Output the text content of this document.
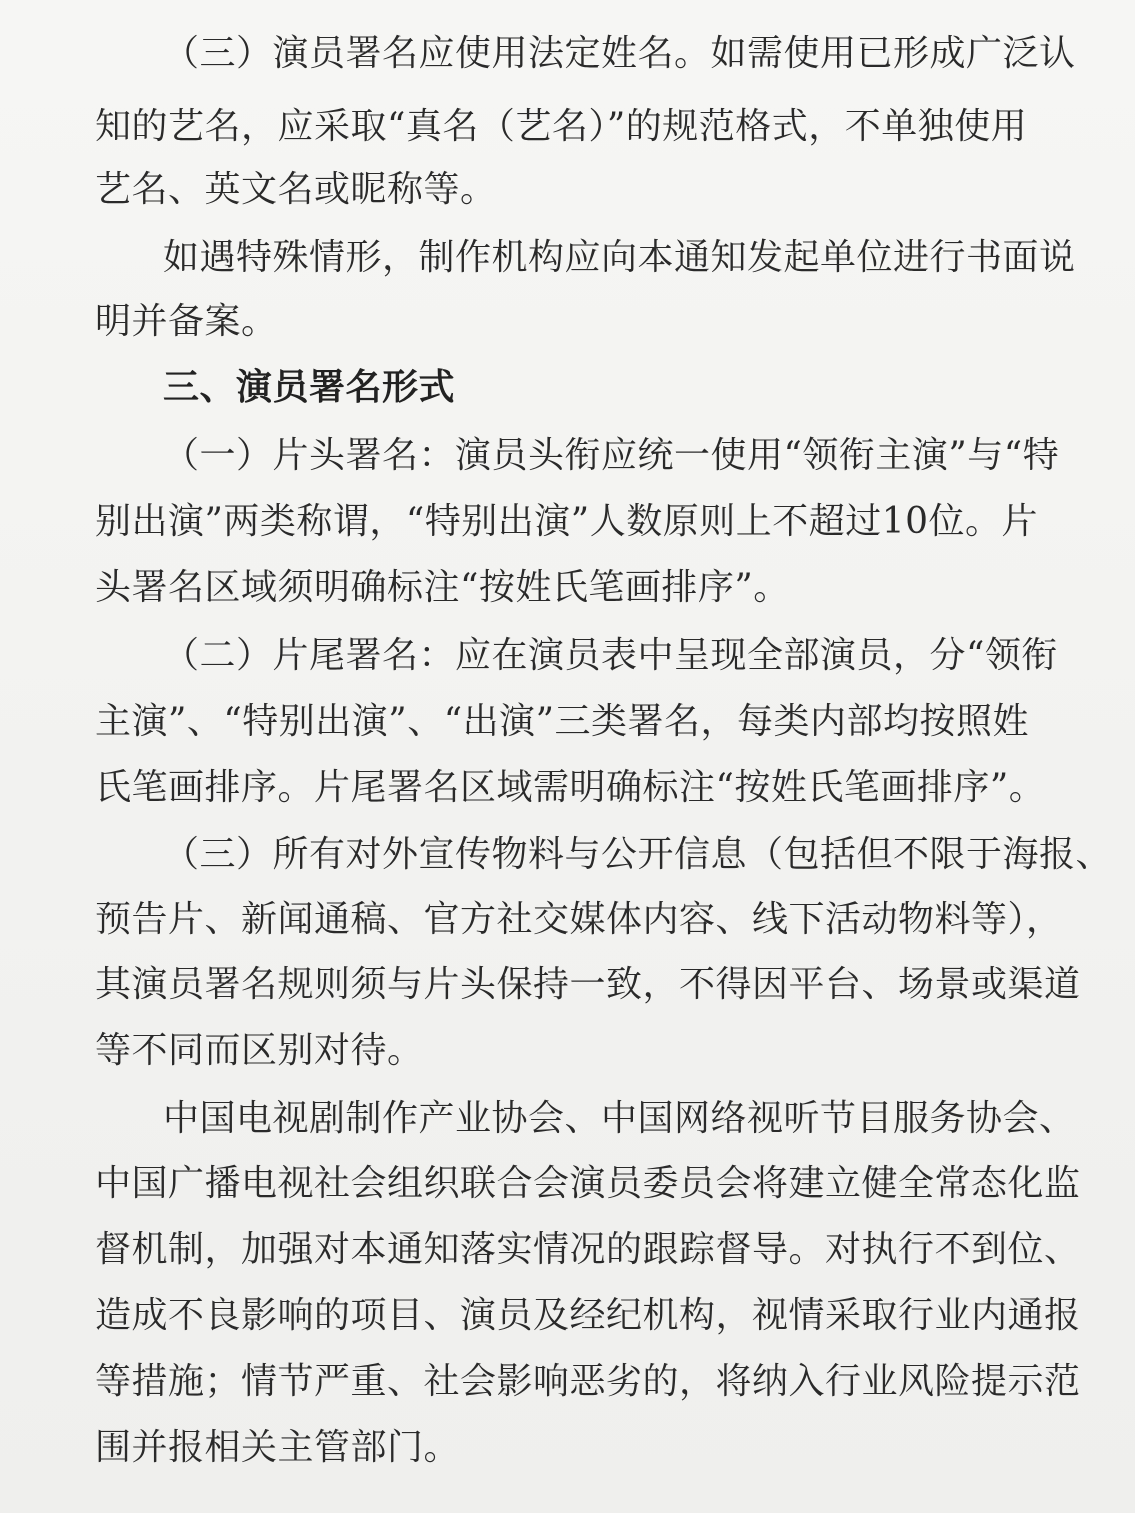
（三）演员署名应使用法定姓名。如需使用已形成广泛认
知的艺名，应采取“真名（艺名）”的规范格式，不单独使用
艺名、英文名或昵称等。
如遇特殊情形，制作机构应向本通知发起单位进行书面说
明并备案。
三、演员署名形式
（一）片头署名：演员头衔应统一使用“领衔主演”与“特
别出演”两类称谓，“特别出演”人数原则上不超过10位。片
头署名区域须明确标注“按姓氏笔画排序”。
（二）片尾署名：应在演员表中呈现全部演员，分“领衔
主演”、“特别出演”、“出演”三类署名，每类内部均按照姓
氏笔画排序。片尾署名区域需明确标注“按姓氏笔画排序”。
（三）所有对外宣传物料与公开信息（包括但不限于海报、
预告片、新闻通稿、官方社交媒体内容、线下活动物料等），
其演员署名规则须与片头保持一致，不得因平台、场景或渠道
等不同而区别对待。
中国电视剧制作产业协会、中国网络视听节目服务协会、
中国广播电视社会组织联合会演员委员会将建立健全常态化监
督机制，加强对本通知落实情况的跟踪督导。对执行不到位、
造成不良影响的项目、演员及经纪机构，视情采取行业内通报
等措施；情节严重、社会影响恶劣的，将纳入行业风险提示范
围并报相关主管部门。
